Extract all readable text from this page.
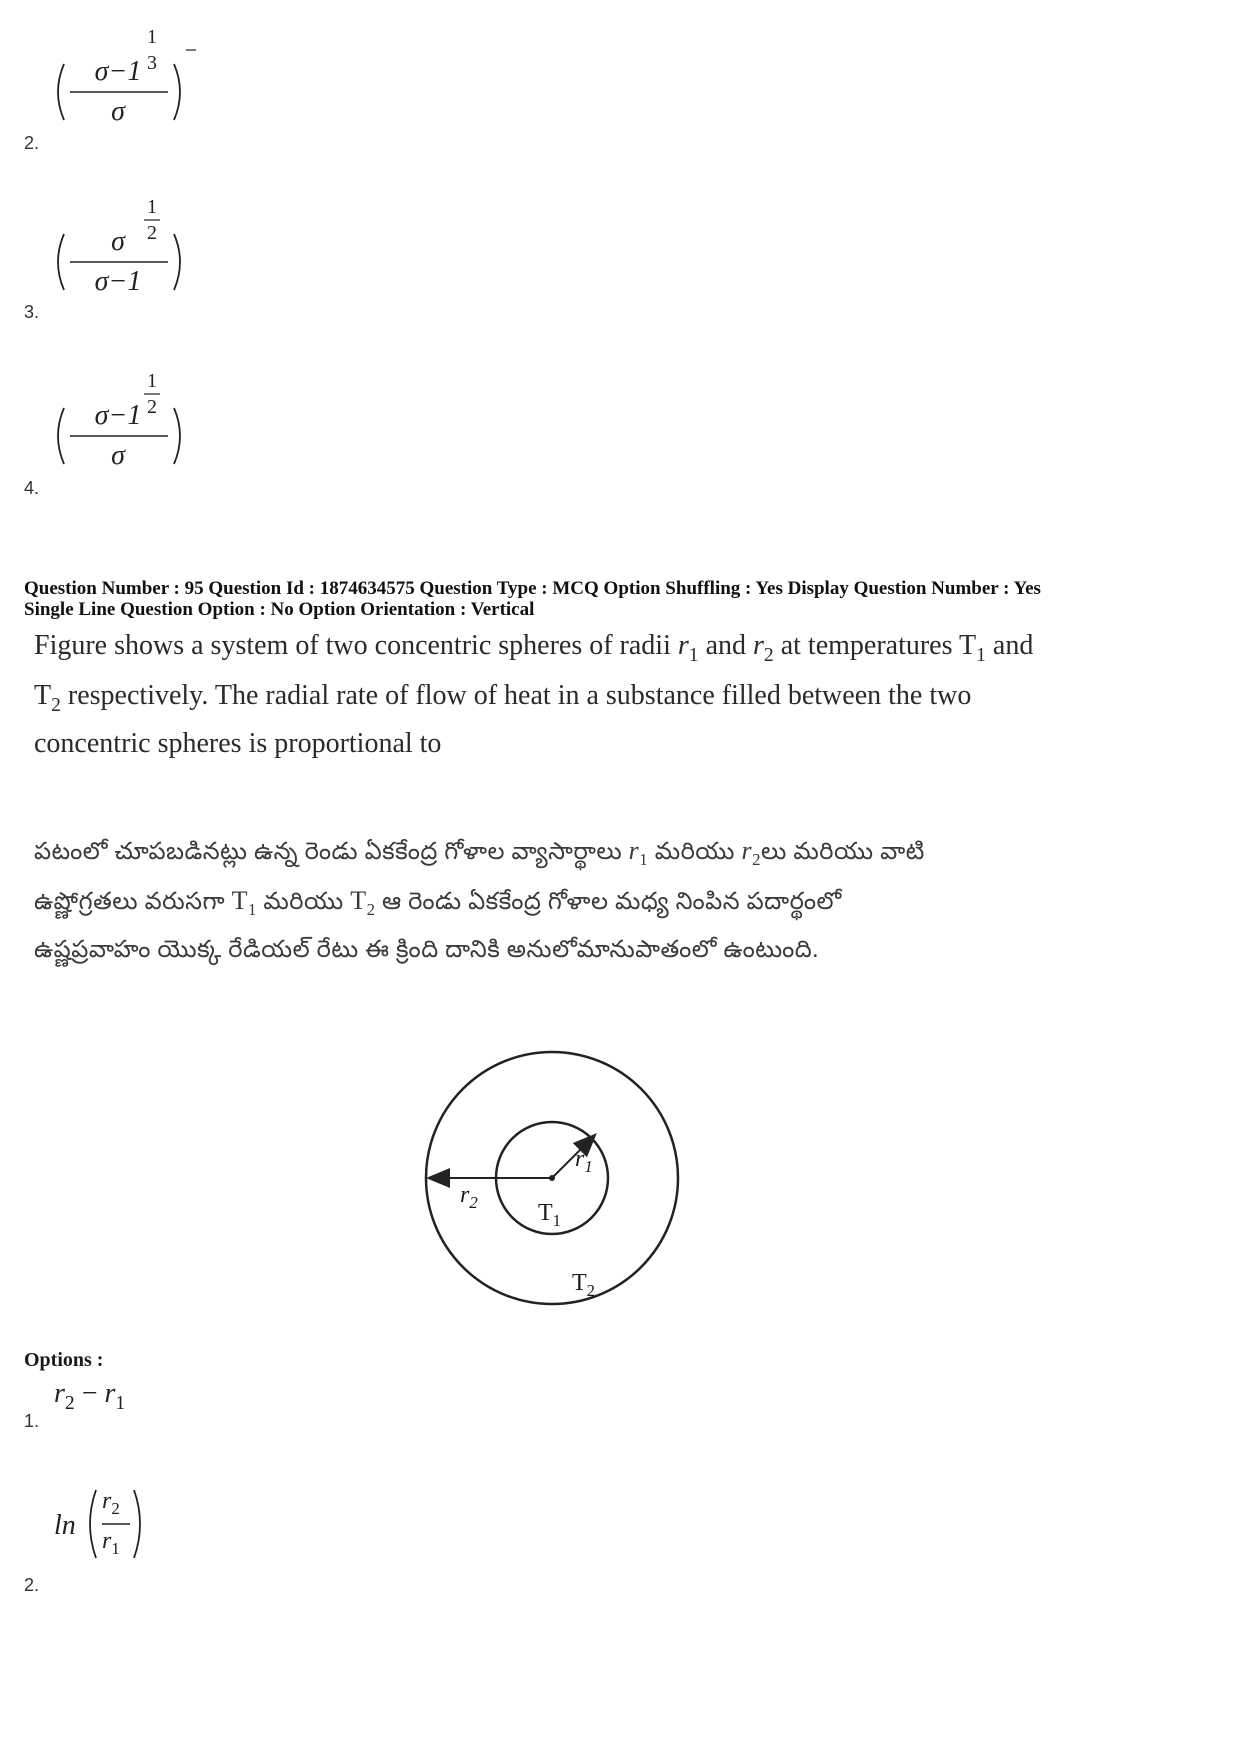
σ−1
σ
1
3
2.
σ
σ−1
1
2
3.
σ−1
σ
1
2
4.
Question Number : 95 Question Id : 1874634575 Question Type : MCQ Option Shuffling : Yes Display Question Number : Yes
Single Line Question Option : No Option Orientation : Vertical
Figure shows a system of two concentric spheres of radii $r_1$ and $r_2$ at temperatures $T_1$ and
$T_2$ respectively. The radial rate of flow of heat in a substance filled between the two
concentric spheres is proportional to
పటంలో చూపబడినట్లు ఉన్న రెండు ఏకకేంద్ర గోళాల వ్యాసార్థాలు $r_1$ మరియు $r_2లు$ మరియు వాటి
ఉష్ణోగ్రతలు వరుసగా $T_1$ మరియు $T_2$ ఆ రెండు ఏకకేంద్ర గోళాల మధ్య నింపిన పదార్థంలో
ఉష్ణప్రవాహం యొక్క రేడియల్ రేటు ఈ క్రింది దానికి అనులోమానుపాతంలో ఉంటుంది.
$r_1$
$r_2$	$T_1$
$T_2$
Options :
$r_2 - r_1$
1.
ln
$r_2$
$r_1$
2.
